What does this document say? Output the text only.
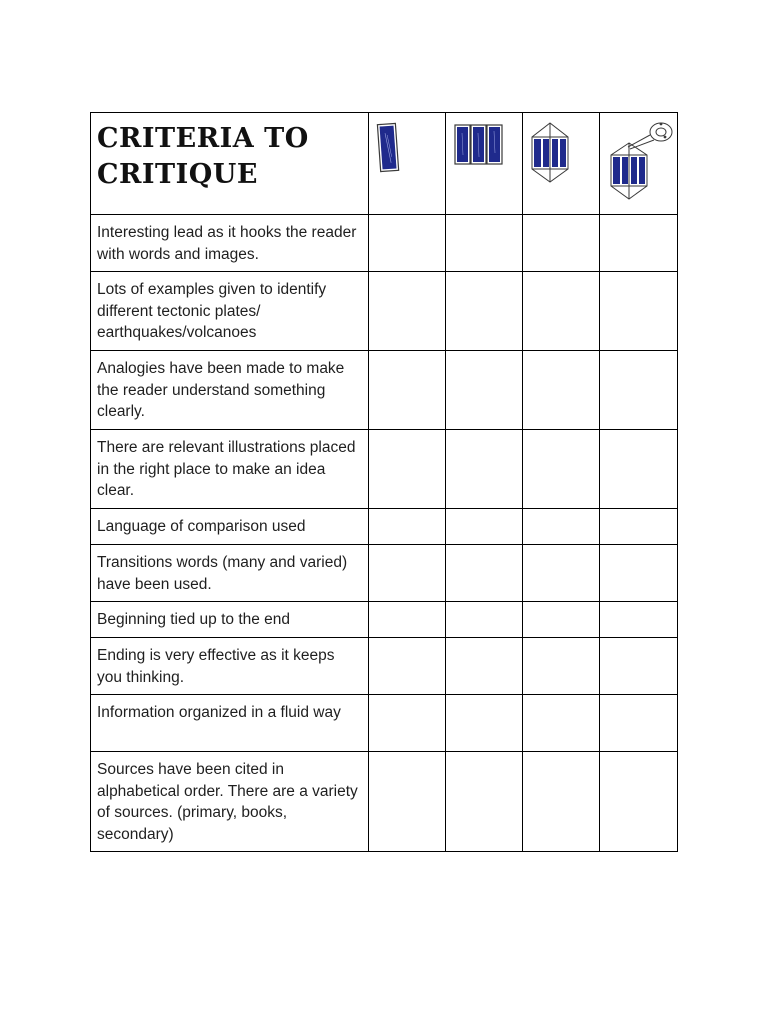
CRITERIA TO
CRITIQUE

Interesting lead as it hooks the reader with words and images.				

Lots of examples given to identify different tectonic plates/ earthquakes/volcanoes				

Analogies have been made to make the reader understand something clearly.				

There are relevant illustrations placed in the right place to make an idea clear.				

Language of comparison used				

Transitions words (many and varied) have been used.				

Beginning tied up to the end				

Ending is very effective as it keeps you thinking.				

Information organized in a fluid way				

Sources have been cited in alphabetical order. There are a variety of sources. (primary, books, secondary)				
